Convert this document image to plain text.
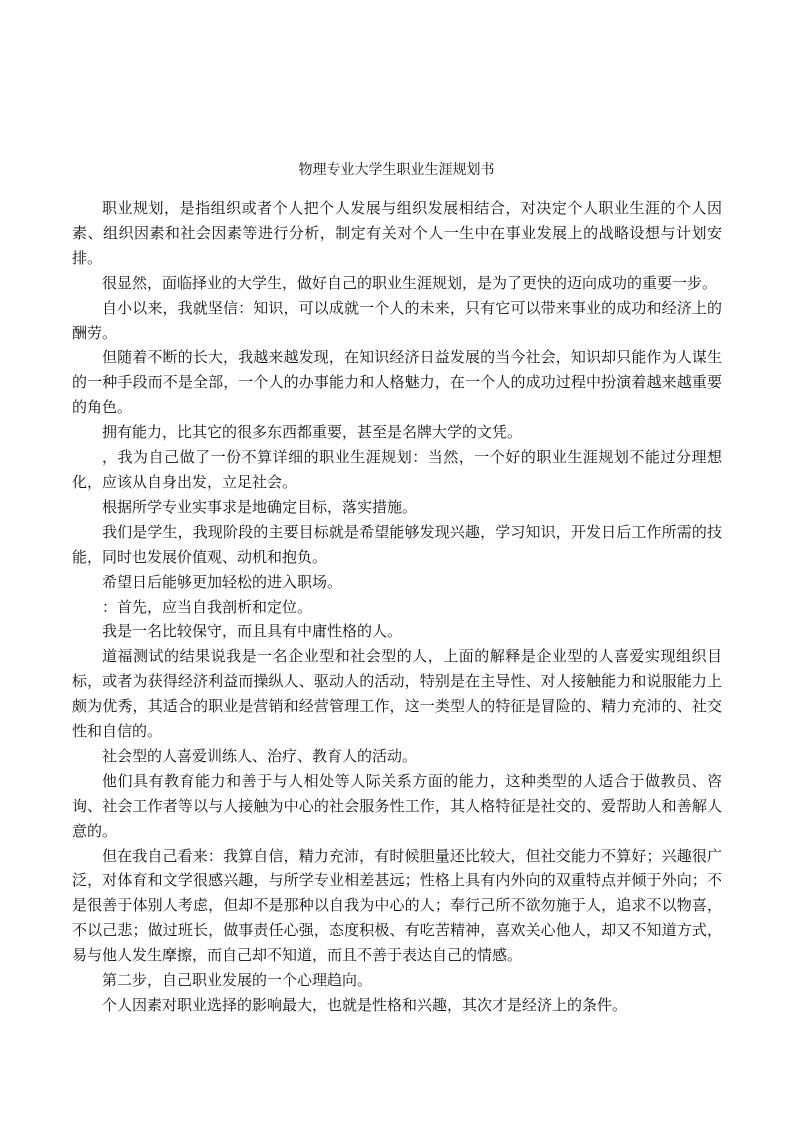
物理专业大学生职业生涯规划书

职业规划，是指组织或者个人把个人发展与组织发展相结合，对决定个人职业生涯的个人因素、组织因素和社会因素等进行分析，制定有关对个人一生中在事业发展上的战略设想与计划安排。

很显然，面临择业的大学生，做好自己的职业生涯规划，是为了更快的迈向成功的重要一步。

自小以来，我就坚信：知识，可以成就一个人的未来，只有它可以带来事业的成功和经济上的酬劳。

但随着不断的长大，我越来越发现，在知识经济日益发展的当今社会，知识却只能作为人谋生的一种手段而不是全部，一个人的办事能力和人格魅力，在一个人的成功过程中扮演着越来越重要的角色。

拥有能力，比其它的很多东西都重要，甚至是名牌大学的文凭。

，我为自己做了一份不算详细的职业生涯规划：当然，一个好的职业生涯规划不能过分理想化，应该从自身出发，立足社会。

根据所学专业实事求是地确定目标，落实措施。

我们是学生，我现阶段的主要目标就是希望能够发现兴趣，学习知识，开发日后工作所需的技能，同时也发展价值观、动机和抱负。

希望日后能够更加轻松的进入职场。

：首先，应当自我剖析和定位。

我是一名比较保守，而且具有中庸性格的人。

道福测试的结果说我是一名企业型和社会型的人，上面的解释是企业型的人喜爱实现组织目标，或者为获得经济利益而操纵人、驱动人的活动，特别是在主导性、对人接触能力和说服能力上颇为优秀，其适合的职业是营销和经营管理工作，这一类型人的特征是冒险的、精力充沛的、社交性和自信的。

社会型的人喜爱训练人、治疗、教育人的活动。

他们具有教育能力和善于与人相处等人际关系方面的能力，这种类型的人适合于做教员、咨询、社会工作者等以与人接触为中心的社会服务性工作，其人格特征是社交的、爱帮助人和善解人意的。

但在我自己看来：我算自信，精力充沛，有时候胆量还比较大，但社交能力不算好；兴趣很广泛，对体育和文学很感兴趣，与所学专业相差甚远；性格上具有内外向的双重特点并倾于外向；不是很善于体别人考虑，但却不是那种以自我为中心的人；奉行己所不欲勿施于人，追求不以物喜，不以己悲；做过班长，做事责任心强，态度积极、有吃苦精神，喜欢关心他人，却又不知道方式，易与他人发生摩擦，而自己却不知道，而且不善于表达自己的情感。

第二步，自己职业发展的一个心理趋向。

个人因素对职业选择的影响最大，也就是性格和兴趣，其次才是经济上的条件。
